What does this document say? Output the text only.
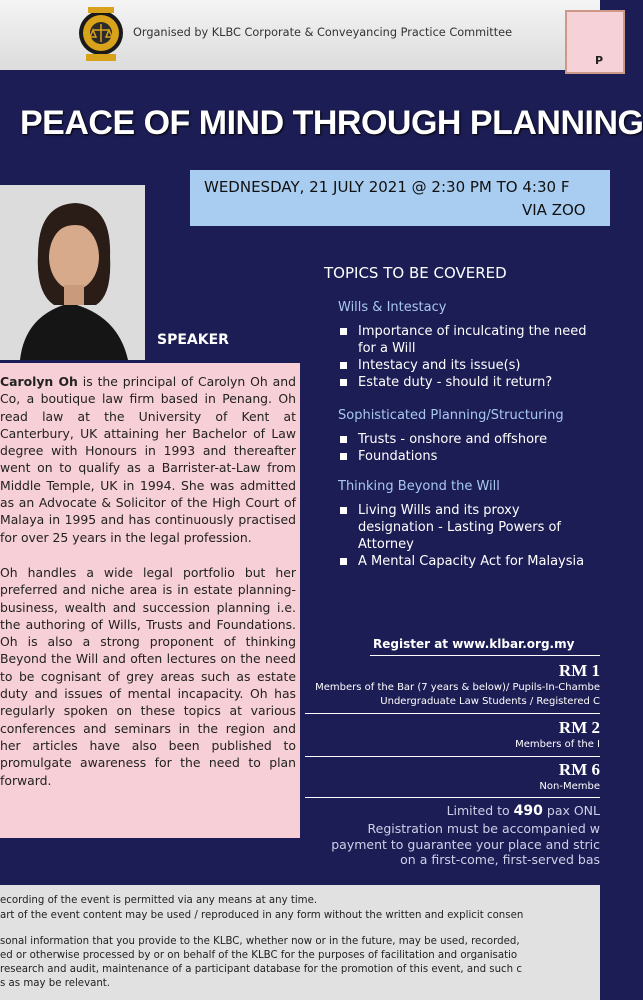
Organised by KLBC Corporate & Conveyancing Practice Committee
P
PEACE OF MIND THROUGH PLANNING
WEDNESDAY, 21 JULY 2021 @ 2:30 PM TO 4:30 F
VIA ZOO
SPEAKER

Carolyn Oh is the principal of Carolyn Oh and Co, a boutique law firm based in Penang. Oh read law at the University of Kent at Canterbury, UK attaining her Bachelor of Law degree with Honours in 1993 and thereafter went on to qualify as a Barrister-at-Law from Middle Temple, UK in 1994. She was admitted as an Advocate & Solicitor of the High Court of Malaya in 1995 and has continuously practised for over 25 years in the legal profession.

Oh handles a wide legal portfolio but her preferred and niche area is in estate planning-business, wealth and succession planning i.e. the authoring of Wills, Trusts and Foundations. Oh is also a strong proponent of thinking Beyond the Will and often lectures on the need to be cognisant of grey areas such as estate duty and issues of mental incapacity. Oh has regularly spoken on these topics at various conferences and seminars in the region and her articles have also been published to promulgate awareness for the need to plan forward.

TOPICS TO BE COVERED
Wills & Intestacy
Importance of inculcating the need for a Will
Intestacy and its issue(s)
Estate duty - should it return?
Sophisticated Planning/Structuring
Trusts - onshore and offshore
Foundations
Thinking Beyond the Will
Living Wills and its proxy designation - Lasting Powers of Attorney
A Mental Capacity Act for Malaysia
Register at www.klbar.org.my
RM 1
Members of the Bar (7 years & below)/ Pupils-In-Chambe
Undergraduate Law Students / Registered C
RM 2
Members of the I
RM 6
Non-Membe
Limited to 490 pax ONL
Registration must be accompanied w
payment to guarantee your place and stric
on a first-come, first-served bas
ecording of the event is permitted via any means at any time.
art of the event content may be used / reproduced in any form without the written and explicit consen
sonal information that you provide to the KLBC, whether now or in the future, may be used, recorded,
ed or otherwise processed by or on behalf of the KLBC for the purposes of facilitation and organisatio
research and audit, maintenance of a participant database for the promotion of this event, and such c
s as may be relevant.
